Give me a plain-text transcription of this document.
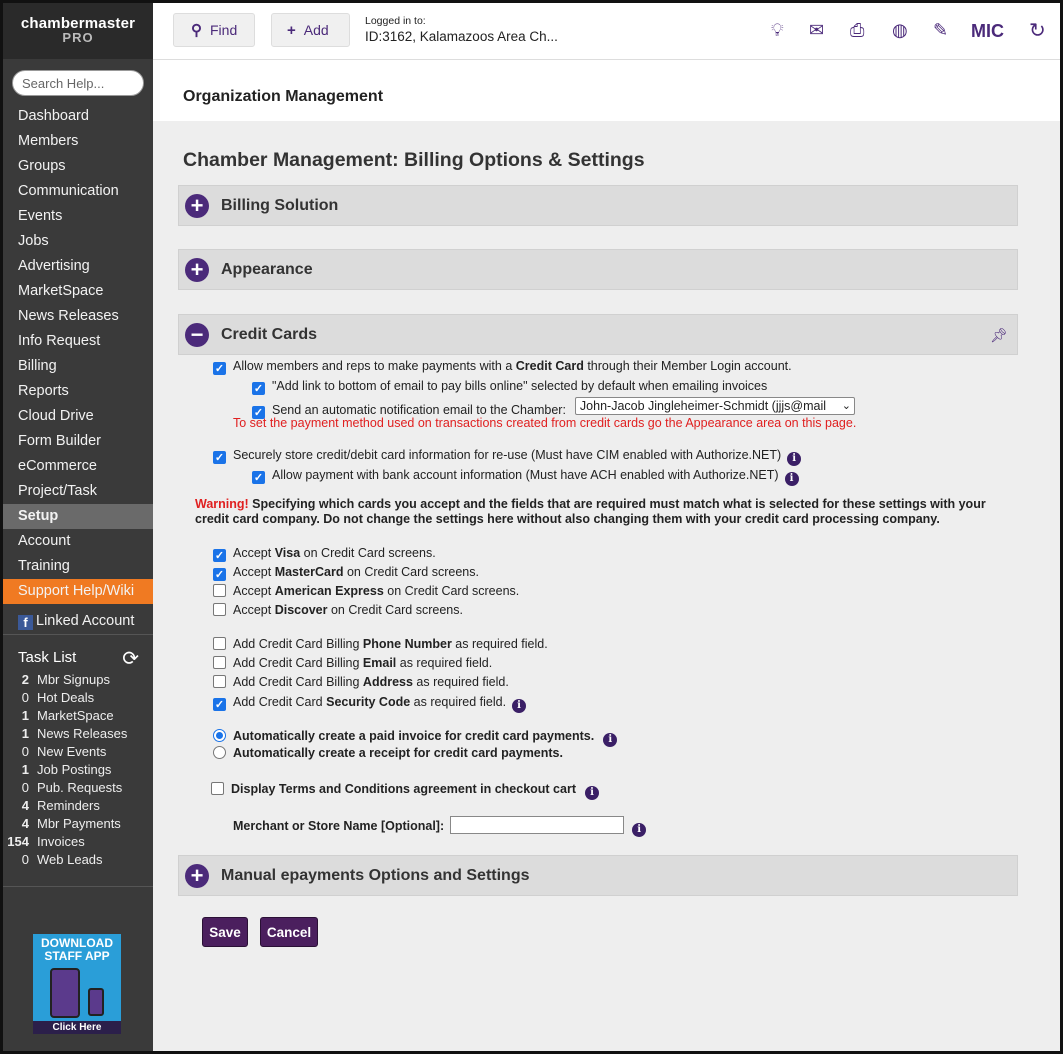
chambermaster
PRO
Search Help...
Dashboard
Members
Groups
Communication
Events
Jobs
Advertising
MarketSpace
News Releases
Info Request
Billing
Reports
Cloud Drive
Form Builder
eCommerce
Project/Task
Setup
Account
Training
Support Help/Wiki
f Linked Account
Task List ⟳
2 Mbr Signups
0 Hot Deals
1 MarketSpace
1 News Releases
0 New Events
1 Job Postings
0 Pub. Requests
4 Reminders
4 Mbr Payments
154 Invoices
0 Web Leads
DOWNLOAD
STAFF APP
Click Here
⚲ Find	+ Add
Logged in to:
ID:3162, Kalamazoos Area Ch...	💡︎ ✉ ⎙ ◍ ✎ MIC ↻
Organization Management
Chamber Management: Billing Options & Settings
+	Billing Solution
+	Appearance
−	Credit Cards	📌︎
✓Allow members and reps to make payments with a Credit Card through their Member Login account.
✓"Add link to bottom of email to pay bills online" selected by default when emailing invoices
✓Send an automatic notification email to the Chamber: John-Jacob Jingleheimer-Schmidt (jjjs@mail ⌄
To set the payment method used on transactions created from credit cards go the Appearance area on this page.
✓Securely store credit/debit card information for re-use (Must have CIM enabled with Authorize.NET) i
✓Allow payment with bank account information (Must have ACH enabled with Authorize.NET) i
Warning! Specifying which cards you accept and the fields that are required must match what is selected for these settings with your credit card company. Do not change the settings here without also changing them with your credit card processing company.
✓Accept Visa on Credit Card screens.
✓Accept MasterCard on Credit Card screens.
Accept American Express on Credit Card screens.
Accept Discover on Credit Card screens.
Add Credit Card Billing Phone Number as required field.
Add Credit Card Billing Email as required field.
Add Credit Card Billing Address as required field.
✓Add Credit Card Security Code as required field. i
Automatically create a paid invoice for credit card payments. i
Automatically create a receipt for credit card payments.
Display Terms and Conditions agreement in checkout cart i
Merchant or Store Name [Optional]:	i
+	Manual epayments Options and Settings
Save	Cancel
